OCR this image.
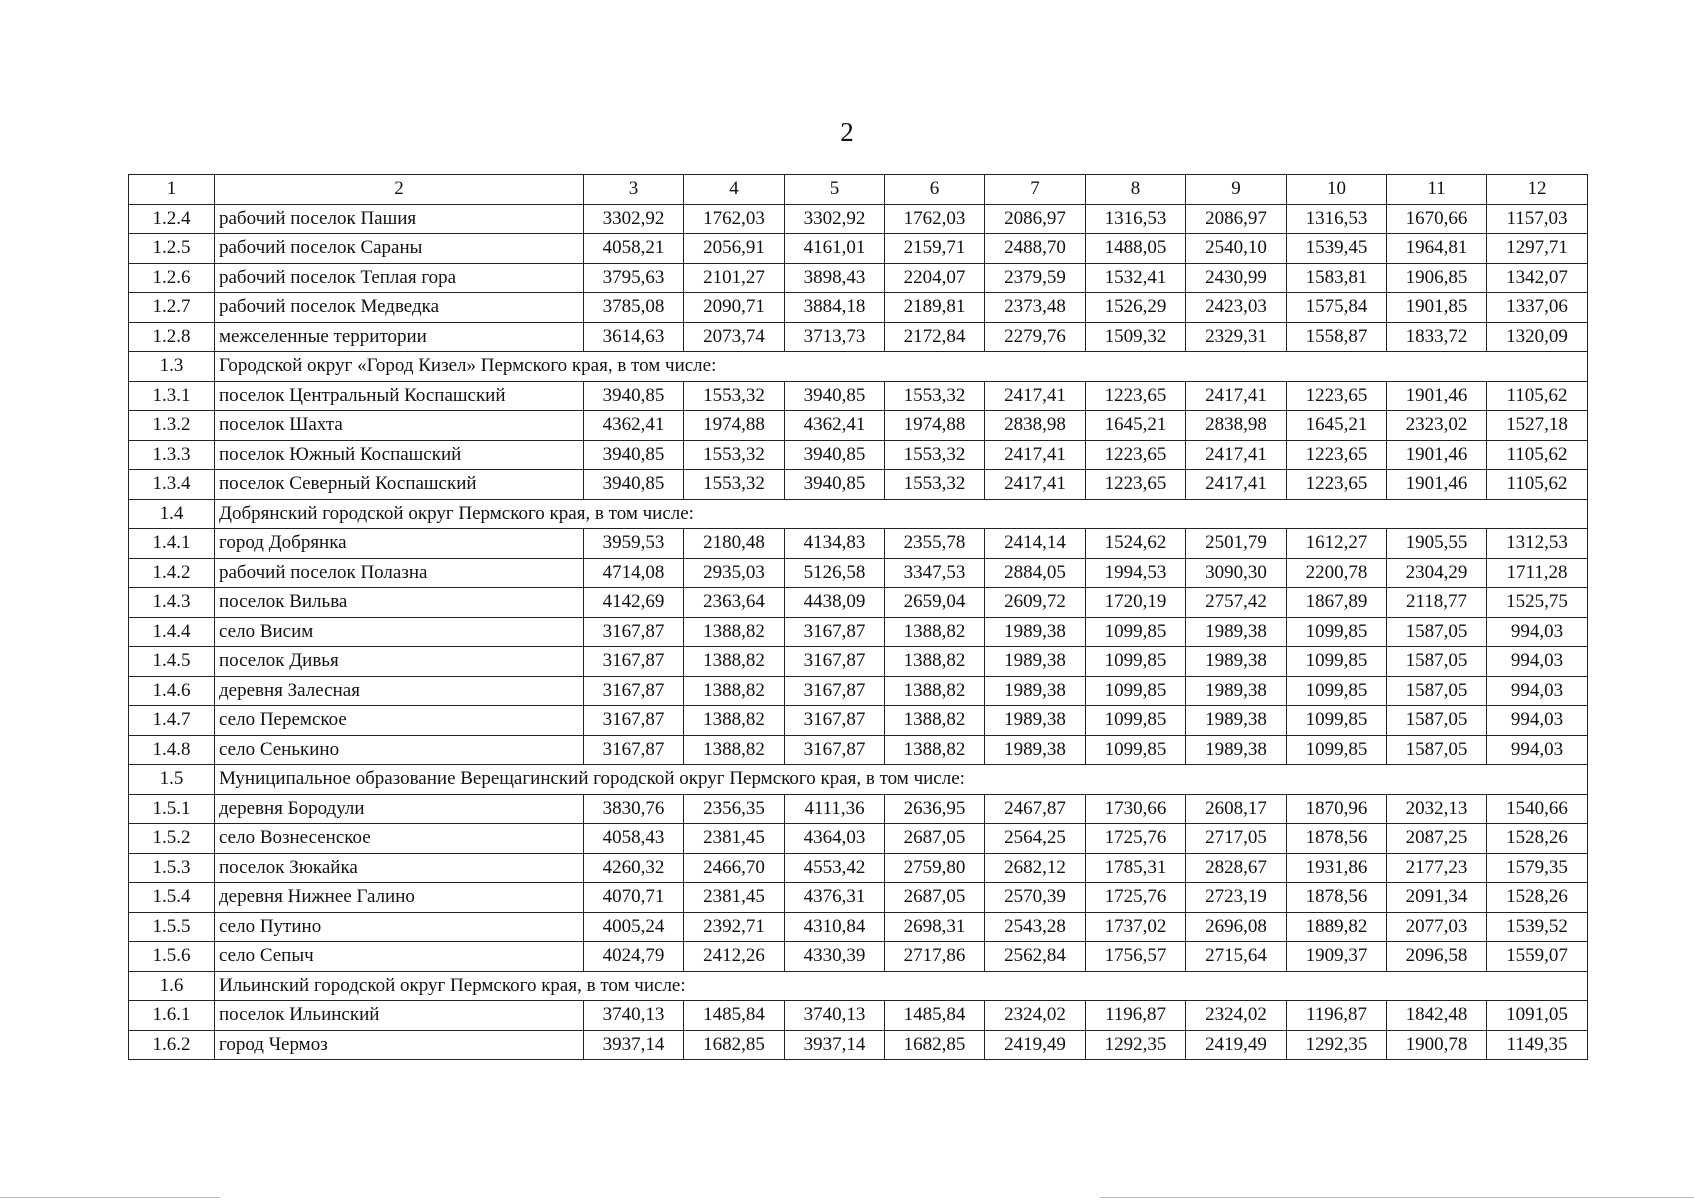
2
1	2	3	4	5	6	7	8	9	10	11	12
1.2.4	рабочий поселок Пашия	3302,92	1762,03	3302,92	1762,03	2086,97	1316,53	2086,97	1316,53	1670,66	1157,03
1.2.5	рабочий поселок Сараны	4058,21	2056,91	4161,01	2159,71	2488,70	1488,05	2540,10	1539,45	1964,81	1297,71
1.2.6	рабочий поселок Теплая гора	3795,63	2101,27	3898,43	2204,07	2379,59	1532,41	2430,99	1583,81	1906,85	1342,07
1.2.7	рабочий поселок Медведка	3785,08	2090,71	3884,18	2189,81	2373,48	1526,29	2423,03	1575,84	1901,85	1337,06
1.2.8	межселенные территории	3614,63	2073,74	3713,73	2172,84	2279,76	1509,32	2329,31	1558,87	1833,72	1320,09
1.3	Городской округ «Город Кизел» Пермского края, в том числе:										
1.3.1	поселок Центральный Коспашский	3940,85	1553,32	3940,85	1553,32	2417,41	1223,65	2417,41	1223,65	1901,46	1105,62
1.3.2	поселок Шахта	4362,41	1974,88	4362,41	1974,88	2838,98	1645,21	2838,98	1645,21	2323,02	1527,18
1.3.3	поселок Южный Коспашский	3940,85	1553,32	3940,85	1553,32	2417,41	1223,65	2417,41	1223,65	1901,46	1105,62
1.3.4	поселок Северный Коспашский	3940,85	1553,32	3940,85	1553,32	2417,41	1223,65	2417,41	1223,65	1901,46	1105,62
1.4	Добрянский городской округ Пермского края, в том числе:										
1.4.1	город Добрянка	3959,53	2180,48	4134,83	2355,78	2414,14	1524,62	2501,79	1612,27	1905,55	1312,53
1.4.2	рабочий поселок Полазна	4714,08	2935,03	5126,58	3347,53	2884,05	1994,53	3090,30	2200,78	2304,29	1711,28
1.4.3	поселок Вильва	4142,69	2363,64	4438,09	2659,04	2609,72	1720,19	2757,42	1867,89	2118,77	1525,75
1.4.4	село Висим	3167,87	1388,82	3167,87	1388,82	1989,38	1099,85	1989,38	1099,85	1587,05	994,03
1.4.5	поселок Дивья	3167,87	1388,82	3167,87	1388,82	1989,38	1099,85	1989,38	1099,85	1587,05	994,03
1.4.6	деревня Залесная	3167,87	1388,82	3167,87	1388,82	1989,38	1099,85	1989,38	1099,85	1587,05	994,03
1.4.7	село Перемское	3167,87	1388,82	3167,87	1388,82	1989,38	1099,85	1989,38	1099,85	1587,05	994,03
1.4.8	село Сенькино	3167,87	1388,82	3167,87	1388,82	1989,38	1099,85	1989,38	1099,85	1587,05	994,03
1.5	Муниципальное образование Верещагинский городской округ Пермского края, в том числе:										
1.5.1	деревня Бородули	3830,76	2356,35	4111,36	2636,95	2467,87	1730,66	2608,17	1870,96	2032,13	1540,66
1.5.2	село Вознесенское	4058,43	2381,45	4364,03	2687,05	2564,25	1725,76	2717,05	1878,56	2087,25	1528,26
1.5.3	поселок Зюкайка	4260,32	2466,70	4553,42	2759,80	2682,12	1785,31	2828,67	1931,86	2177,23	1579,35
1.5.4	деревня Нижнее Галино	4070,71	2381,45	4376,31	2687,05	2570,39	1725,76	2723,19	1878,56	2091,34	1528,26
1.5.5	село Путино	4005,24	2392,71	4310,84	2698,31	2543,28	1737,02	2696,08	1889,82	2077,03	1539,52
1.5.6	село Сепыч	4024,79	2412,26	4330,39	2717,86	2562,84	1756,57	2715,64	1909,37	2096,58	1559,07
1.6	Ильинский городской округ Пермского края, в том числе:										
1.6.1	поселок Ильинский	3740,13	1485,84	3740,13	1485,84	2324,02	1196,87	2324,02	1196,87	1842,48	1091,05
1.6.2	город Чермоз	3937,14	1682,85	3937,14	1682,85	2419,49	1292,35	2419,49	1292,35	1900,78	1149,35
